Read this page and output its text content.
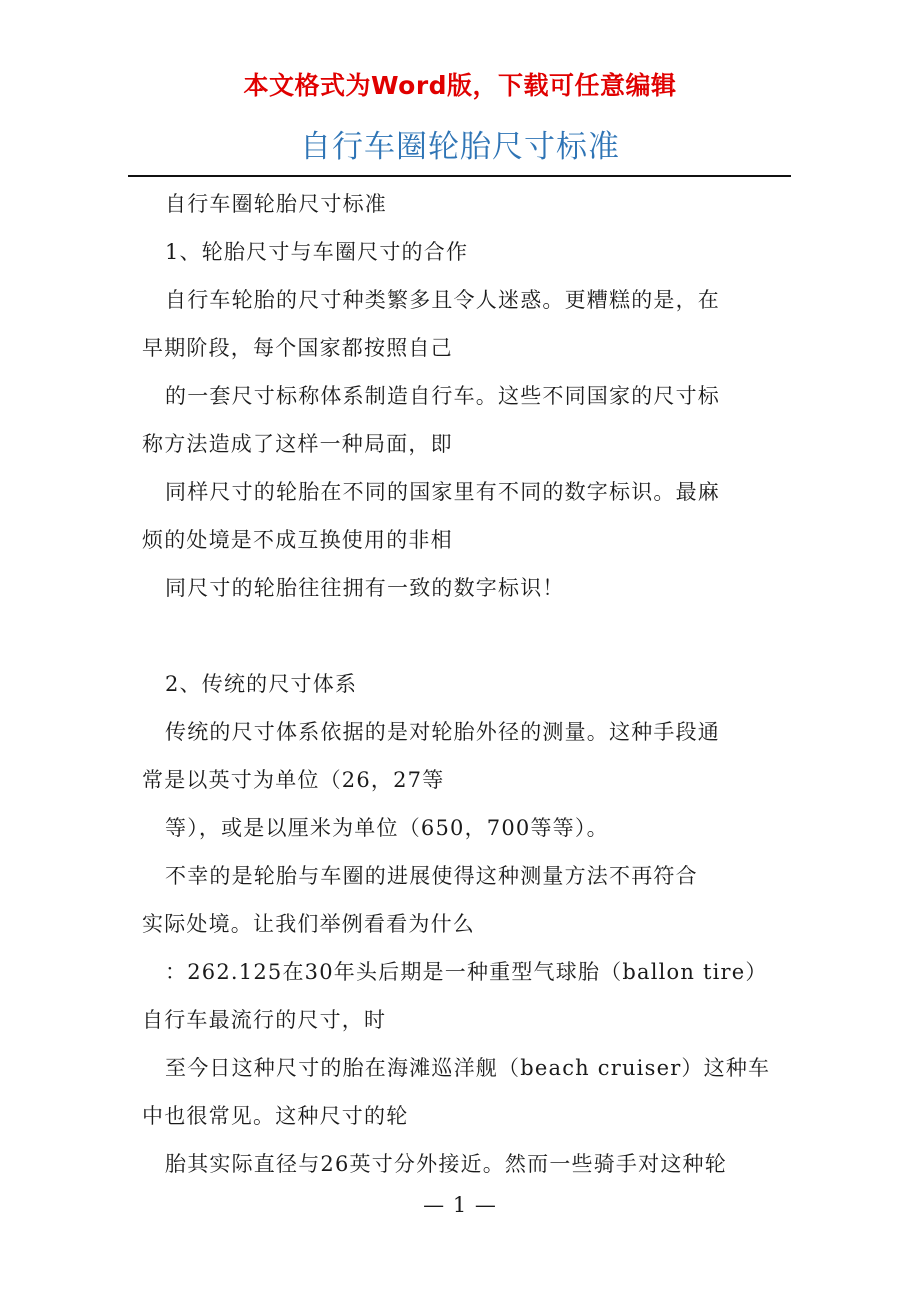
本文格式为Word版，下载可任意编辑
自行车圈轮胎尺寸标准

自行车圈轮胎尺寸标准

1、轮胎尺寸与车圈尺寸的合作

自行车轮胎的尺寸种类繁多且令人迷惑。更糟糕的是，在

早期阶段，每个国家都按照自己

的一套尺寸标称体系制造自行车。这些不同国家的尺寸标

称方法造成了这样一种局面，即

同样尺寸的轮胎在不同的国家里有不同的数字标识。最麻

烦的处境是不成互换使用的非相

同尺寸的轮胎往往拥有一致的数字标识！

2、传统的尺寸体系

传统的尺寸体系依据的是对轮胎外径的测量。这种手段通

常是以英寸为单位（26，27等

等），或是以厘米为单位（650，700等等）。

不幸的是轮胎与车圈的进展使得这种测量方法不再符合

实际处境。让我们举例看看为什么

：262.125在30年头后期是一种重型气球胎（ballon tire）

自行车最流行的尺寸，时

至今日这种尺寸的胎在海滩巡洋舰（beach cruiser）这种车

中也很常见。这种尺寸的轮

胎其实际直径与26英寸分外接近。然而一些骑手对这种轮

— 1 —
